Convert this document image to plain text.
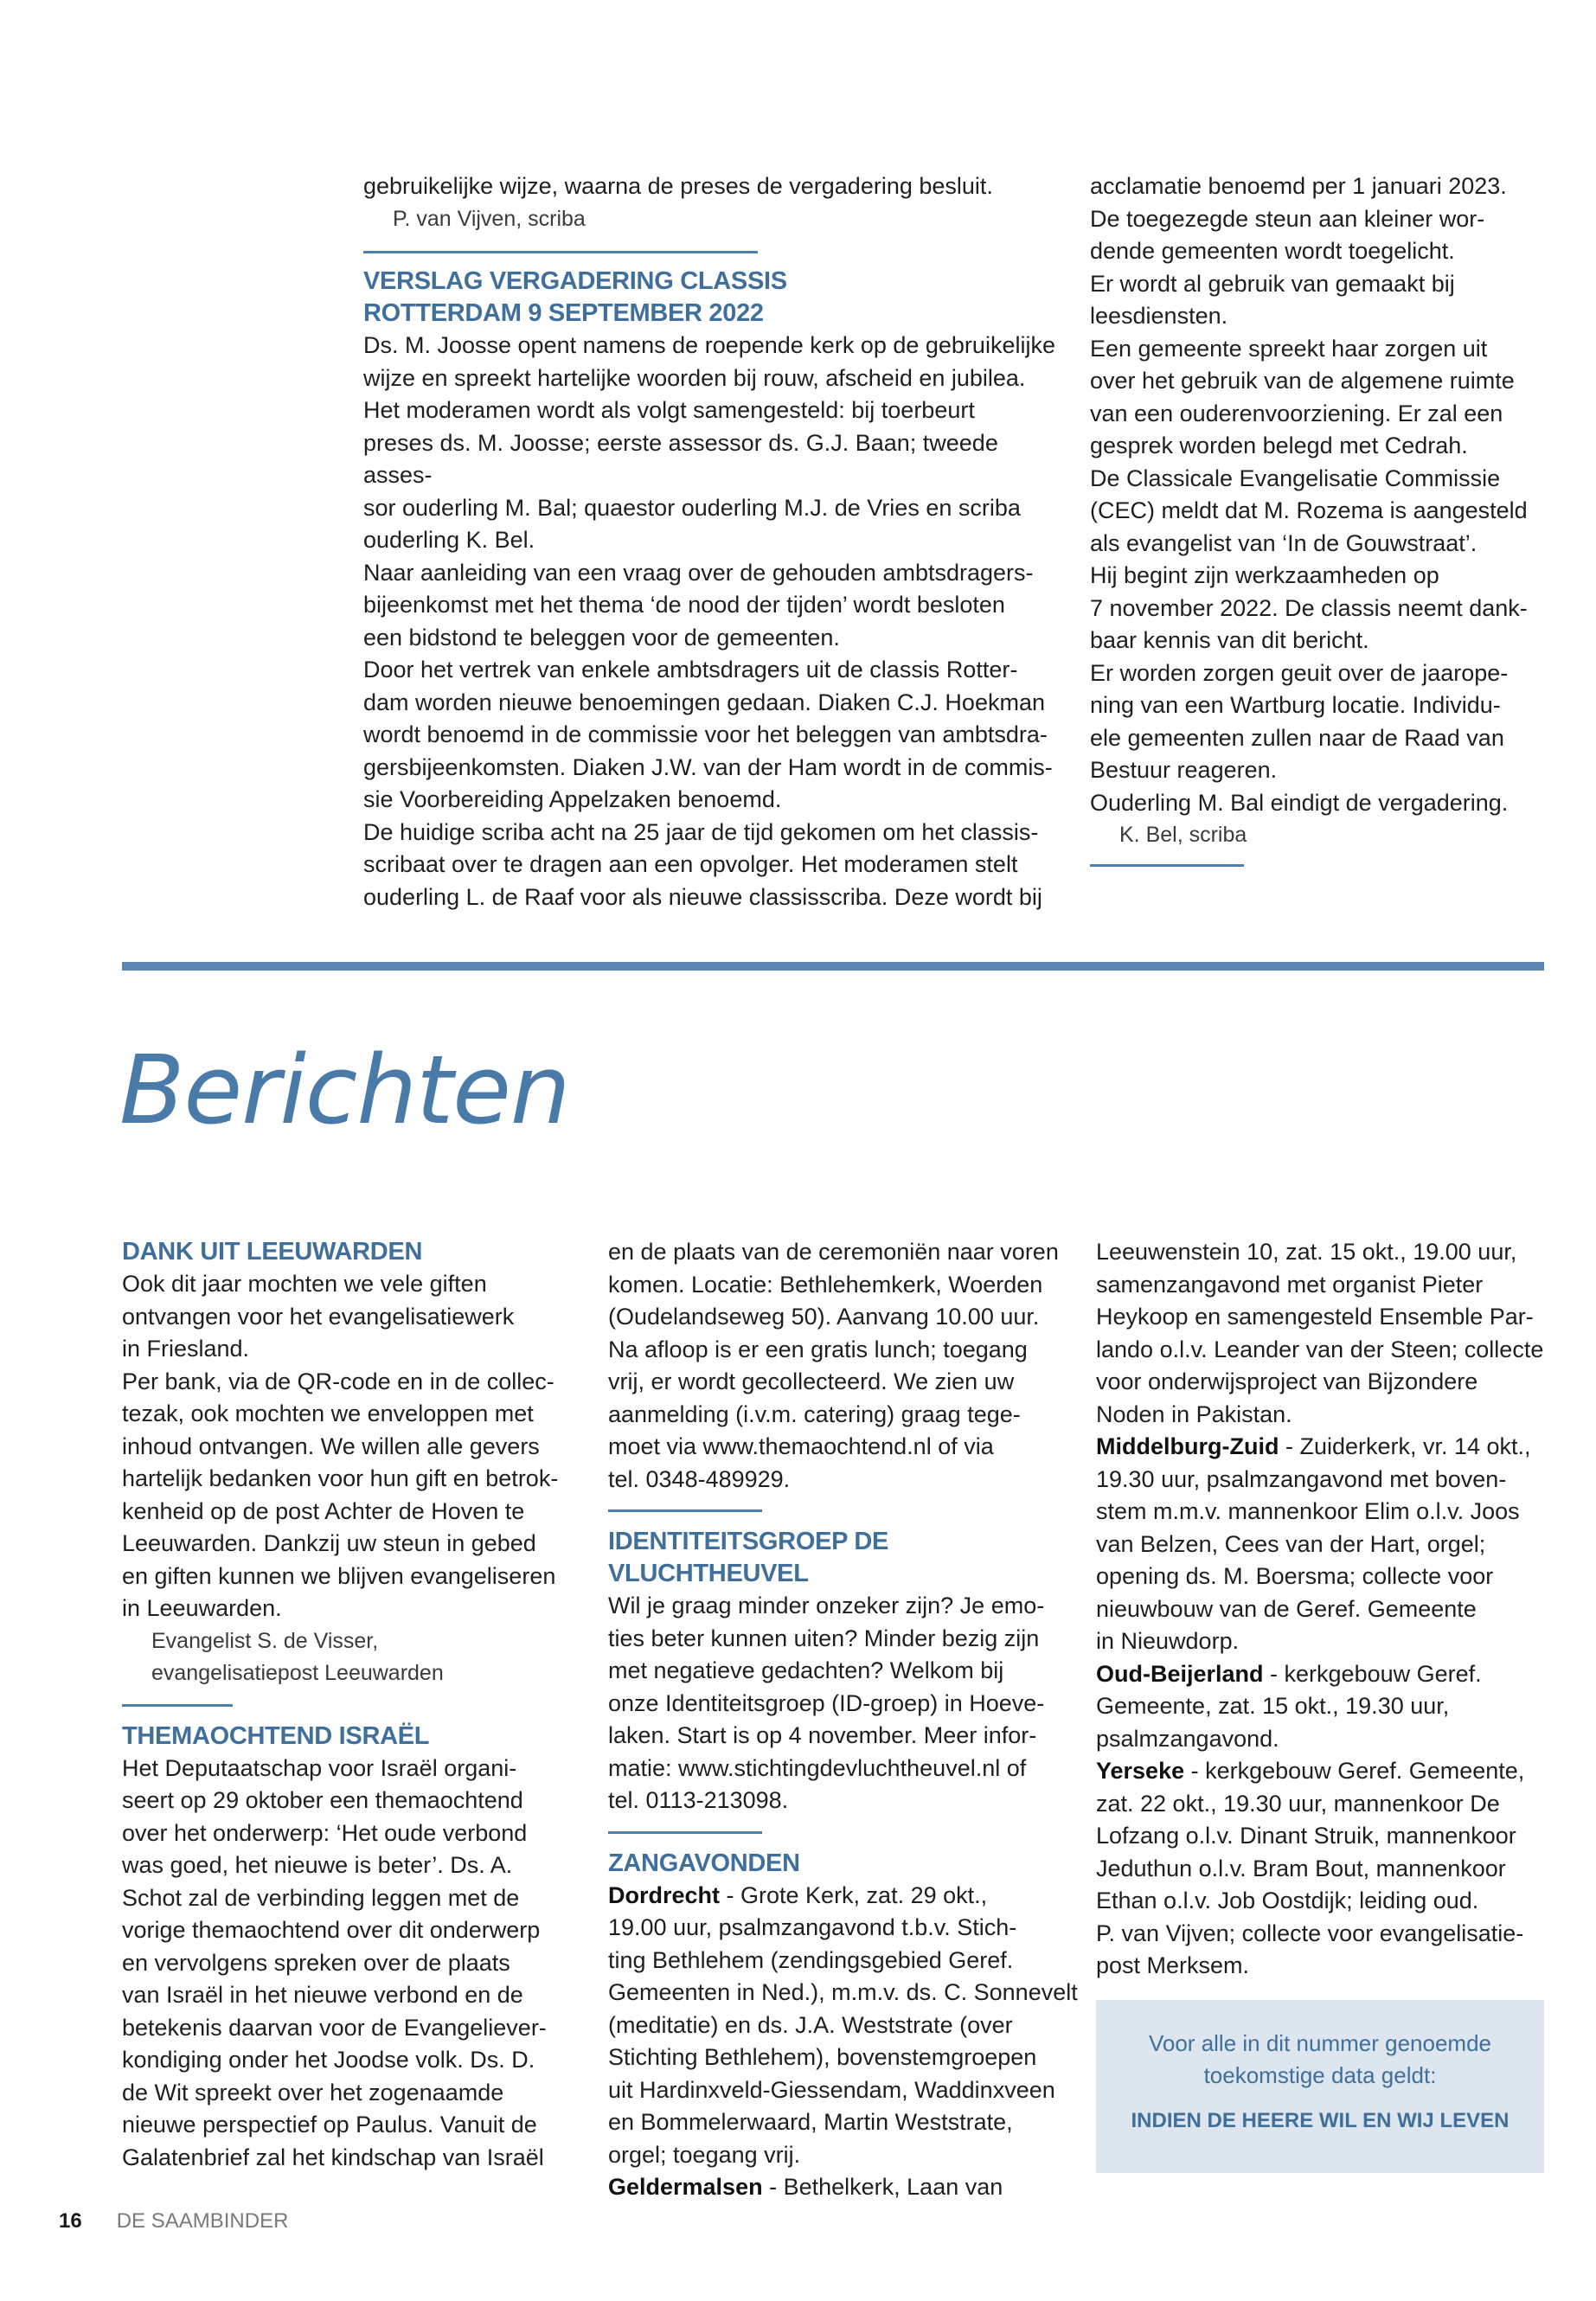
gebruikelijke wijze, waarna de preses de vergadering besluit.

P. van Vijven, scriba

VERSLAG VERGADERING CLASSIS
ROTTERDAM 9 SEPTEMBER 2022

Ds. M. Joosse opent namens de roepende kerk op de gebruikelijke

wijze en spreekt hartelijke woorden bij rouw, afscheid en jubilea.

Het moderamen wordt als volgt samengesteld: bij toerbeurt

preses ds. M. Joosse; eerste assessor ds. G.J. Baan; tweede asses-

sor ouderling M. Bal; quaestor ouderling M.J. de Vries en scriba

ouderling K. Bel.

Naar aanleiding van een vraag over de gehouden ambtsdragers-

bijeenkomst met het thema ‘de nood der tijden’ wordt besloten

een bidstond te beleggen voor de gemeenten.

Door het vertrek van enkele ambtsdragers uit de classis Rotter-

dam worden nieuwe benoemingen gedaan. Diaken C.J. Hoekman

wordt benoemd in de commissie voor het beleggen van ambtsdra-

gersbijeenkomsten. Diaken J.W. van der Ham wordt in de commis-

sie Voorbereiding Appelzaken benoemd.

De huidige scriba acht na 25 jaar de tijd gekomen om het classis-

scribaat over te dragen aan een opvolger. Het moderamen stelt

ouderling L. de Raaf voor als nieuwe classisscriba. Deze wordt bij

acclamatie benoemd per 1 januari 2023.

De toegezegde steun aan kleiner wor-

dende gemeenten wordt toegelicht.

Er wordt al gebruik van gemaakt bij

leesdiensten.

Een gemeente spreekt haar zorgen uit

over het gebruik van de algemene ruimte

van een ouderenvoorziening. Er zal een

gesprek worden belegd met Cedrah.

De Classicale Evangelisatie Commissie

(CEC) meldt dat M. Rozema is aangesteld

als evangelist van ‘In de Gouwstraat’.

Hij begint zijn werkzaamheden op

7 november 2022. De classis neemt dank-

baar kennis van dit bericht.

Er worden zorgen geuit over de jaarope-

ning van een Wartburg locatie. Individu-

ele gemeenten zullen naar de Raad van

Bestuur reageren.

Ouderling M. Bal eindigt de vergadering.

K. Bel, scriba

Berichten
DANK UIT LEEUWARDEN

Ook dit jaar mochten we vele giften

ontvangen voor het evangelisatiewerk

in Friesland.

Per bank, via de QR-code en in de collec-

tezak, ook mochten we enveloppen met

inhoud ontvangen. We willen alle gevers

hartelijk bedanken voor hun gift en betrok-

kenheid op de post Achter de Hoven te

Leeuwarden. Dankzij uw steun in gebed

en giften kunnen we blijven evangeliseren

in Leeuwarden.

Evangelist S. de Visser,

evangelisatiepost Leeuwarden

THEMAOCHTEND ISRAËL

Het Deputaatschap voor Israël organi-

seert op 29 oktober een themaochtend

over het onderwerp: ‘Het oude verbond

was goed, het nieuwe is beter’. Ds. A.

Schot zal de verbinding leggen met de

vorige themaochtend over dit onderwerp

en vervolgens spreken over de plaats

van Israël in het nieuwe verbond en de

betekenis daarvan voor de Evangeliever-

kondiging onder het Joodse volk. Ds. D.

de Wit spreekt over het zogenaamde

nieuwe perspectief op Paulus. Vanuit de

Galatenbrief zal het kindschap van Israël

en de plaats van de ceremoniën naar voren

komen. Locatie: Bethlehemkerk, Woerden

(Oudelandseweg 50). Aanvang 10.00 uur.

Na afloop is er een gratis lunch; toegang

vrij, er wordt gecollecteerd. We zien uw

aanmelding (i.v.m. catering) graag tege-

moet via www.themaochtend.nl of via

tel. 0348-489929.

IDENTITEITSGROEP DE VLUCHTHEUVEL

Wil je graag minder onzeker zijn? Je emo-

ties beter kunnen uiten? Minder bezig zijn

met negatieve gedachten? Welkom bij

onze Identiteitsgroep (ID-groep) in Hoeve-

laken. Start is op 4 november. Meer infor-

matie: www.stichtingdevluchtheuvel.nl of

tel. 0113-213098.

ZANGAVONDEN

Dordrecht - Grote Kerk, zat. 29 okt.,

19.00 uur, psalmzangavond t.b.v. Stich-

ting Bethlehem (zendingsgebied Geref.

Gemeenten in Ned.), m.m.v. ds. C. Sonnevelt

(meditatie) en ds. J.A. Weststrate (over

Stichting Bethlehem), bovenstemgroepen

uit Hardinxveld-Giessendam, Waddinxveen

en Bommelerwaard, Martin Weststrate,

orgel; toegang vrij.

Geldermalsen - Bethelkerk, Laan van

Leeuwenstein 10, zat. 15 okt., 19.00 uur,

samenzangavond met organist Pieter

Heykoop en samengesteld Ensemble Par-

lando o.l.v. Leander van der Steen; collecte

voor onderwijsproject van Bijzondere

Noden in Pakistan.

Middelburg-Zuid - Zuiderkerk, vr. 14 okt.,

19.30 uur, psalmzangavond met boven-

stem m.m.v. mannenkoor Elim o.l.v. Joos

van Belzen, Cees van der Hart, orgel;

opening ds. M. Boersma; collecte voor

nieuwbouw van de Geref. Gemeente

in Nieuwdorp.

Oud-Beijerland - kerkgebouw Geref.

Gemeente, zat. 15 okt., 19.30 uur,

psalmzangavond.

Yerseke - kerkgebouw Geref. Gemeente,

zat. 22 okt., 19.30 uur, mannenkoor De

Lofzang o.l.v. Dinant Struik, mannenkoor

Jeduthun o.l.v. Bram Bout, mannenkoor

Ethan o.l.v. Job Oostdijk; leiding oud.

P. van Vijven; collecte voor evangelisatie-

post Merksem.

Voor alle in dit nummer genoemde
toekomstige data geldt:
INDIEN DE HEERE WIL EN WIJ LEVEN
16 DE SAAMBINDER
